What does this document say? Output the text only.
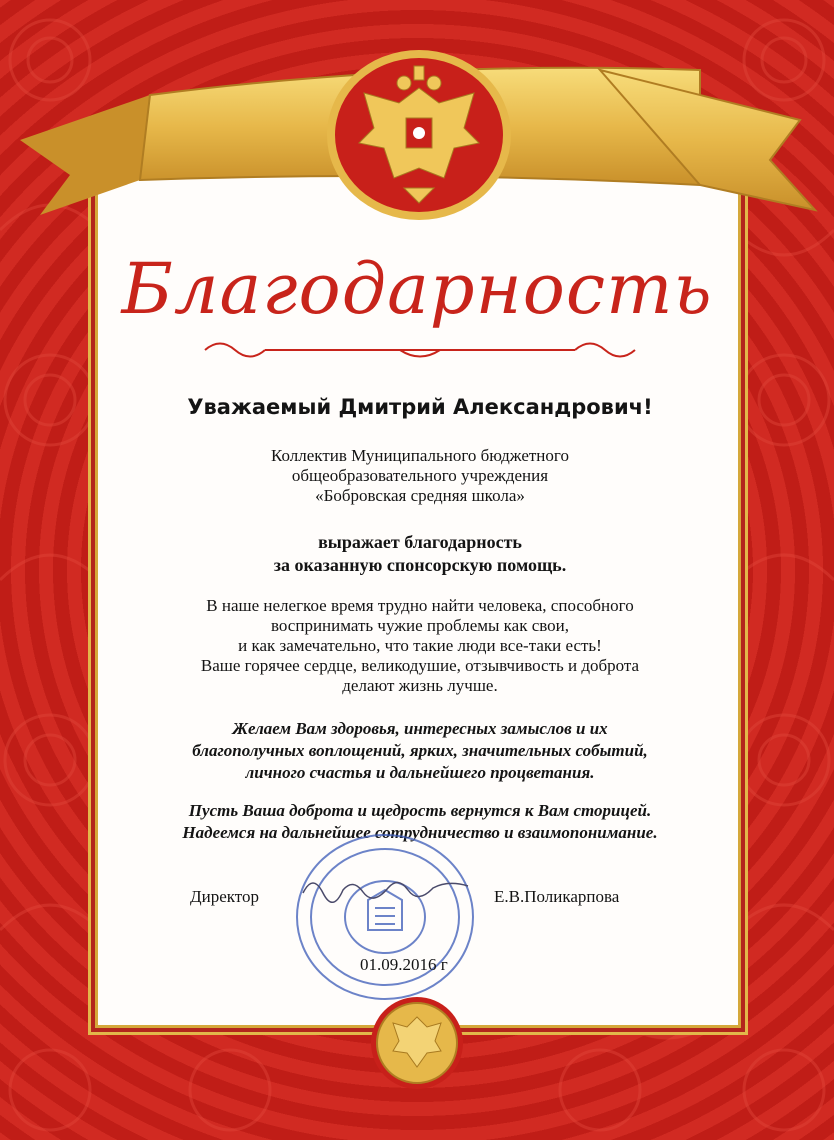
Благодарность
Уважаемый Дмитрий Александрович!
Коллектив Муниципального бюджетного
общеобразовательного учреждения
«Бобровская средняя школа»
выражает благодарность
за оказанную спонсорскую помощь.
В наше нелегкое время трудно найти человека, способного
воспринимать чужие проблемы как свои,
и как замечательно, что такие люди все-таки есть!
Ваше горячее сердце, великодушие, отзывчивость и доброта
делают жизнь лучше.
Желаем Вам здоровья, интересных замыслов и их
благополучных воплощений, ярких, значительных событий,
личного счастья и дальнейшего процветания.
Пусть Ваша доброта и щедрость вернутся к Вам сторицей.
Надеемся на дальнейшее сотрудничество и взаимопонимание.
Директор	Е.В.Поликарпова
01.09.2016 г
